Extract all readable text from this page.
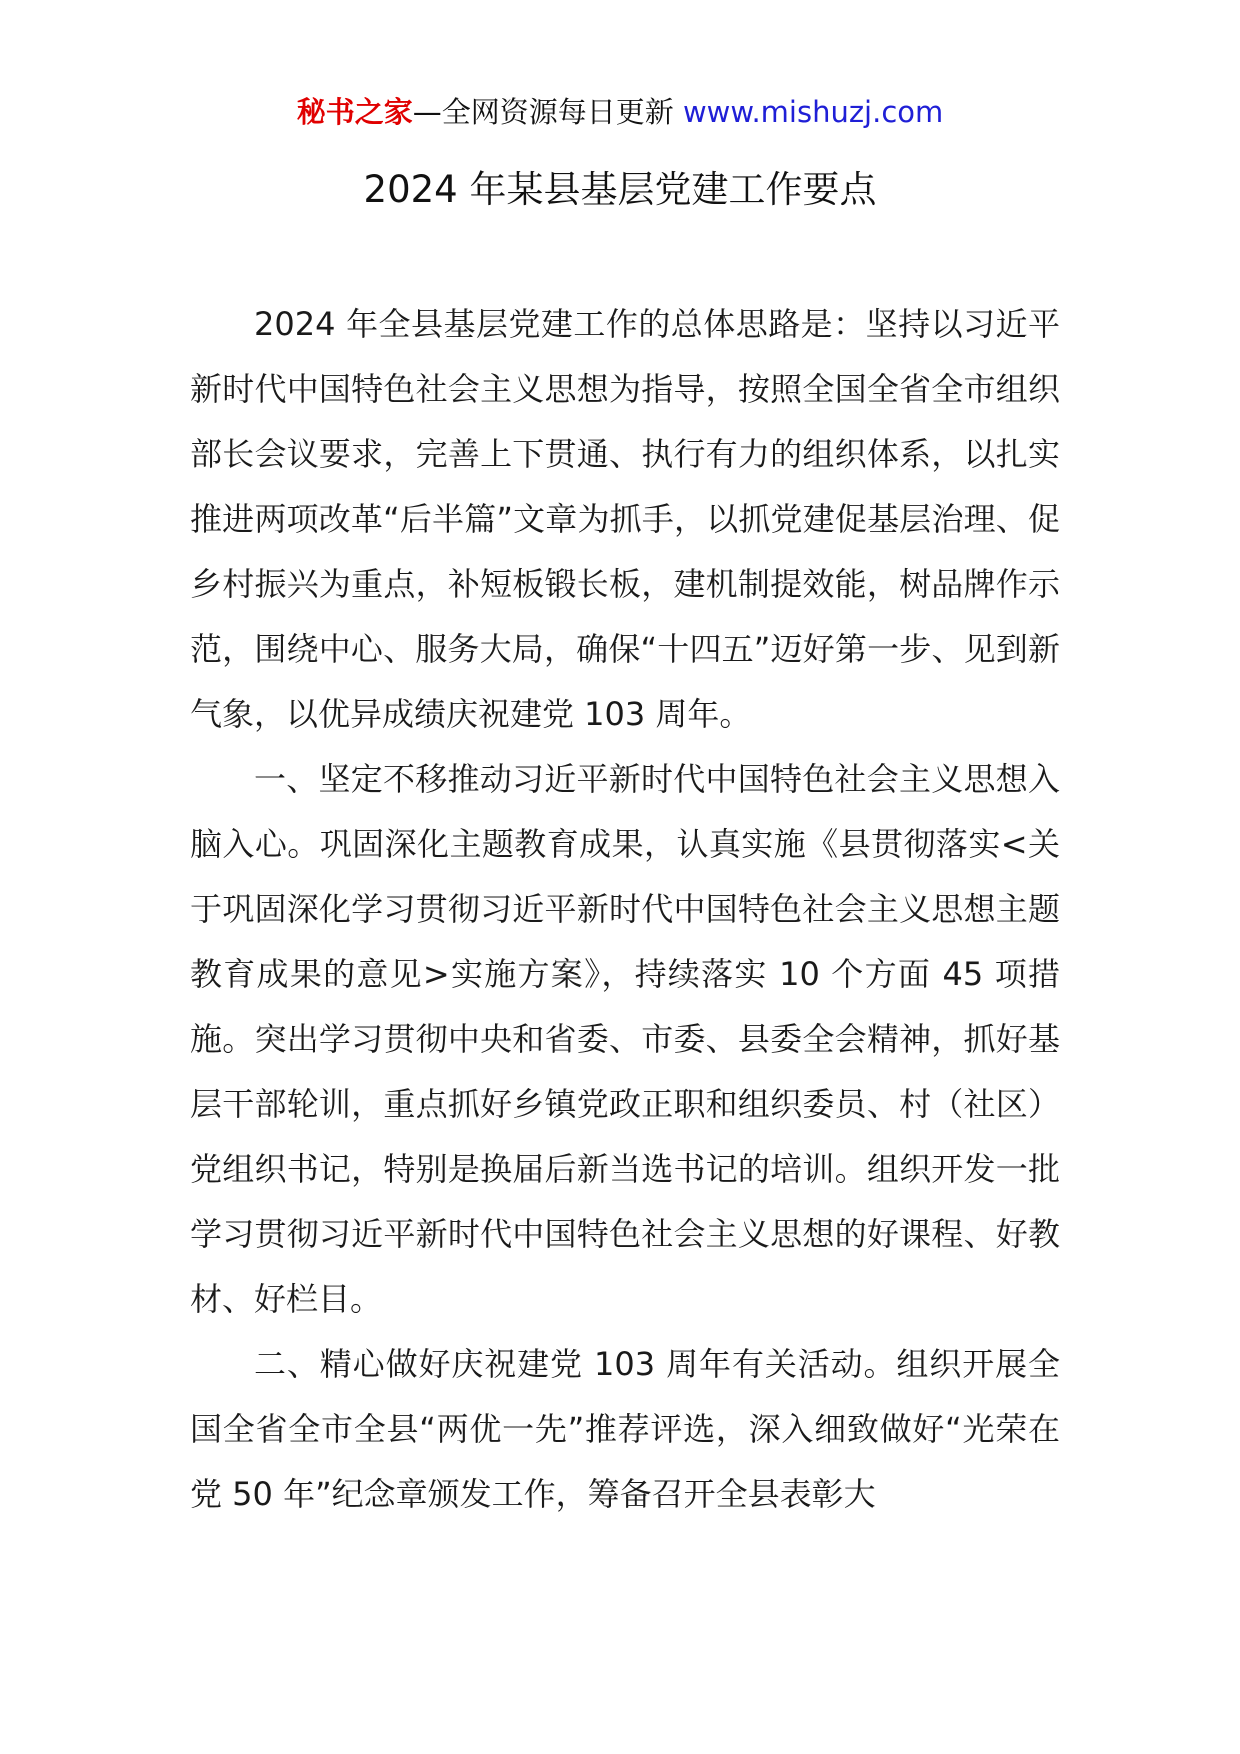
秘书之家—全网资源每日更新 www.mishuzj.com
2024 年某县基层党建工作要点

2024 年全县基层党建工作的总体思路是：坚持以习近平新时代中国特色社会主义思想为指导，按照全国全省全市组织部长会议要求，完善上下贯通、执行有力的组织体系，以扎实推进两项改革“后半篇”文章为抓手，以抓党建促基层治理、促乡村振兴为重点，补短板锻长板，建机制提效能，树品牌作示范，围绕中心、服务大局，确保“十四五”迈好第一步、见到新气象，以优异成绩庆祝建党 103 周年。

一、坚定不移推动习近平新时代中国特色社会主义思想入脑入心。巩固深化主题教育成果，认真实施《县贯彻落实<关于巩固深化学习贯彻习近平新时代中国特色社会主义思想主题教育成果的意见>实施方案》，持续落实 10 个方面 45 项措施。突出学习贯彻中央和省委、市委、县委全会精神，抓好基层干部轮训，重点抓好乡镇党政正职和组织委员、村（社区）党组织书记，特别是换届后新当选书记的培训。组织开发一批学习贯彻习近平新时代中国特色社会主义思想的好课程、好教材、好栏目。

二、精心做好庆祝建党 103 周年有关活动。组织开展全国全省全市全县“两优一先”推荐评选，深入细致做好“光荣在党 50 年”纪念章颁发工作，筹备召开全县表彰大
